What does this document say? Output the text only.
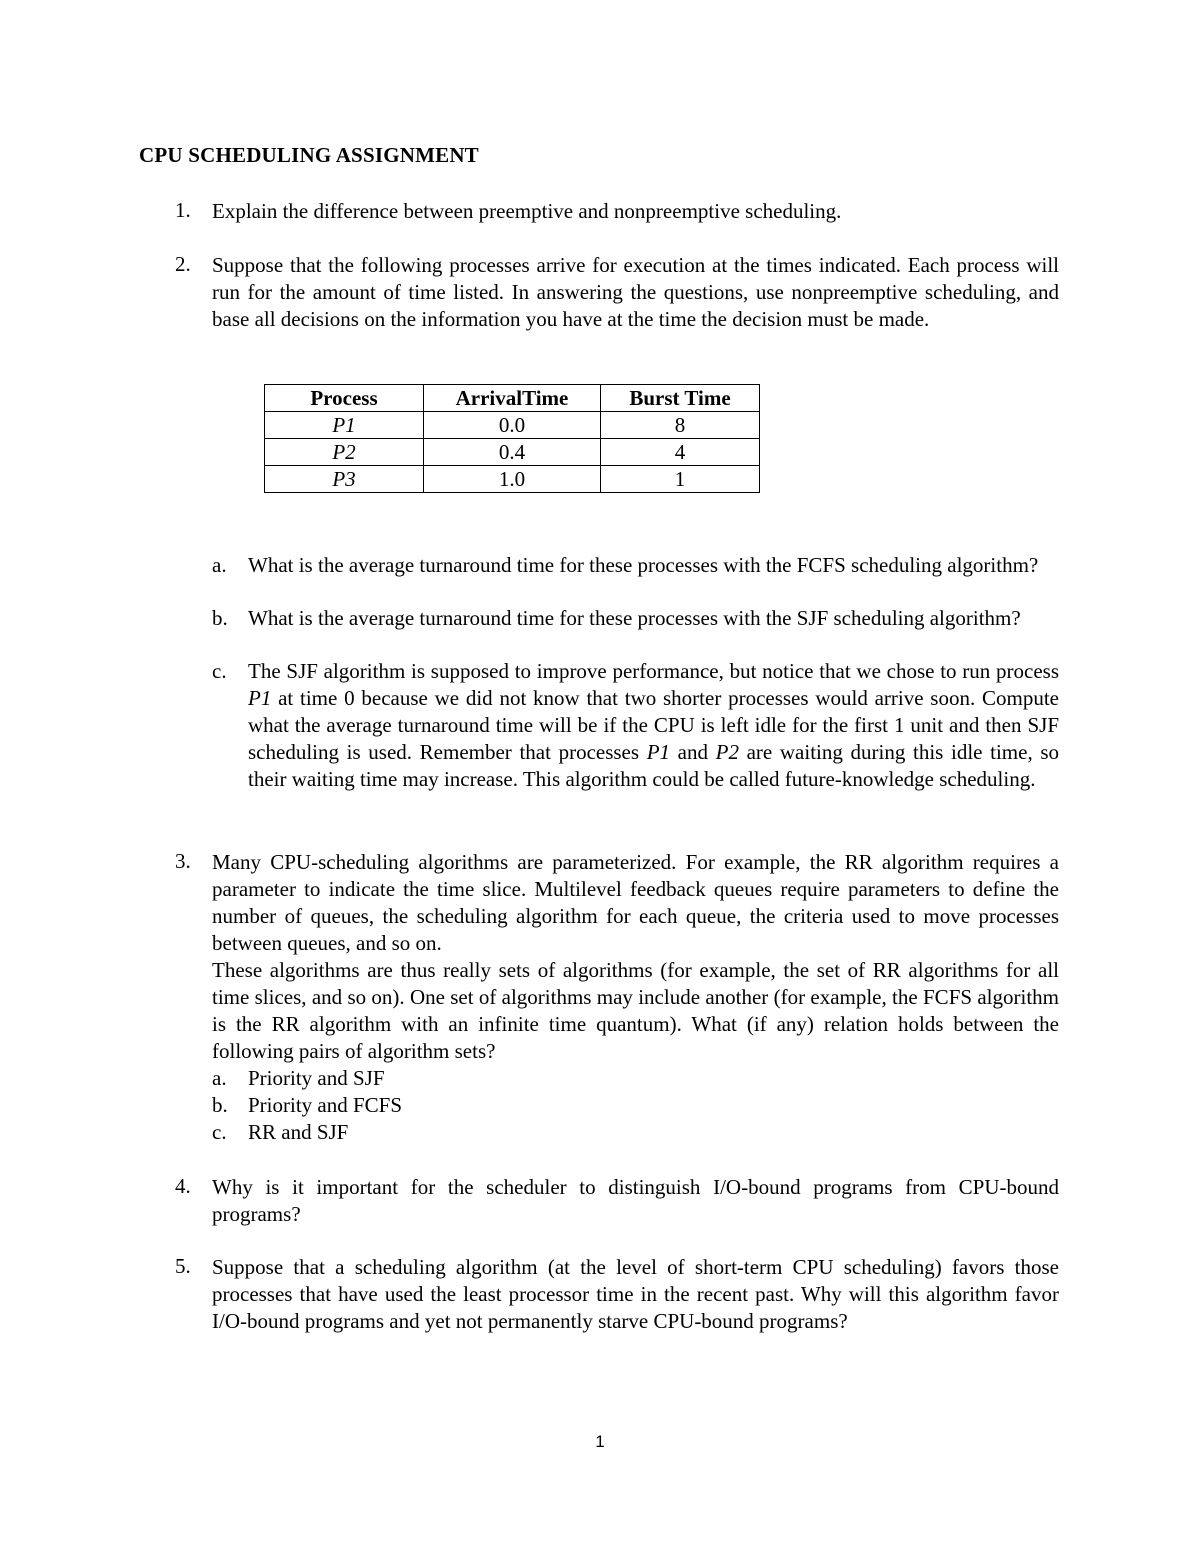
CPU SCHEDULING ASSIGNMENT
1. Explain the difference between preemptive and nonpreemptive scheduling.
2. Suppose that the following processes arrive for execution at the times indicated. Each process will run for the amount of time listed. In answering the questions, use nonpreemptive scheduling, and base all decisions on the information you have at the time the decision must be made.
Process	ArrivalTime	Burst Time
P1	0.0	8
P2	0.4	4
P3	1.0	1
a. What is the average turnaround time for these processes with the FCFS scheduling algorithm?
b. What is the average turnaround time for these processes with the SJF scheduling algorithm?
c. The SJF algorithm is supposed to improve performance, but notice that we chose to run process P1 at time 0 because we did not know that two shorter processes would arrive soon. Compute what the average turnaround time will be if the CPU is left idle for the first 1 unit and then SJF scheduling is used. Remember that processes P1 and P2 are waiting during this idle time, so their waiting time may increase. This algorithm could be called future-knowledge scheduling.
3. Many CPU-scheduling algorithms are parameterized. For example, the RR algorithm requires a parameter to indicate the time slice. Multilevel feedback queues require parameters to define the number of queues, the scheduling algorithm for each queue, the criteria used to move processes between queues, and so on.
These algorithms are thus really sets of algorithms (for example, the set of RR algorithms for all time slices, and so on). One set of algorithms may include another (for example, the FCFS algorithm is the RR algorithm with an infinite time quantum). What (if any) relation holds between the following pairs of algorithm sets?
a. Priority and SJF
b. Priority and FCFS
c. RR and SJF
4. Why is it important for the scheduler to distinguish I/O-bound programs from CPU-bound programs?
5. Suppose that a scheduling algorithm (at the level of short-term CPU scheduling) favors those processes that have used the least processor time in the recent past. Why will this algorithm favor I/O-bound programs and yet not permanently starve CPU-bound programs?
1
